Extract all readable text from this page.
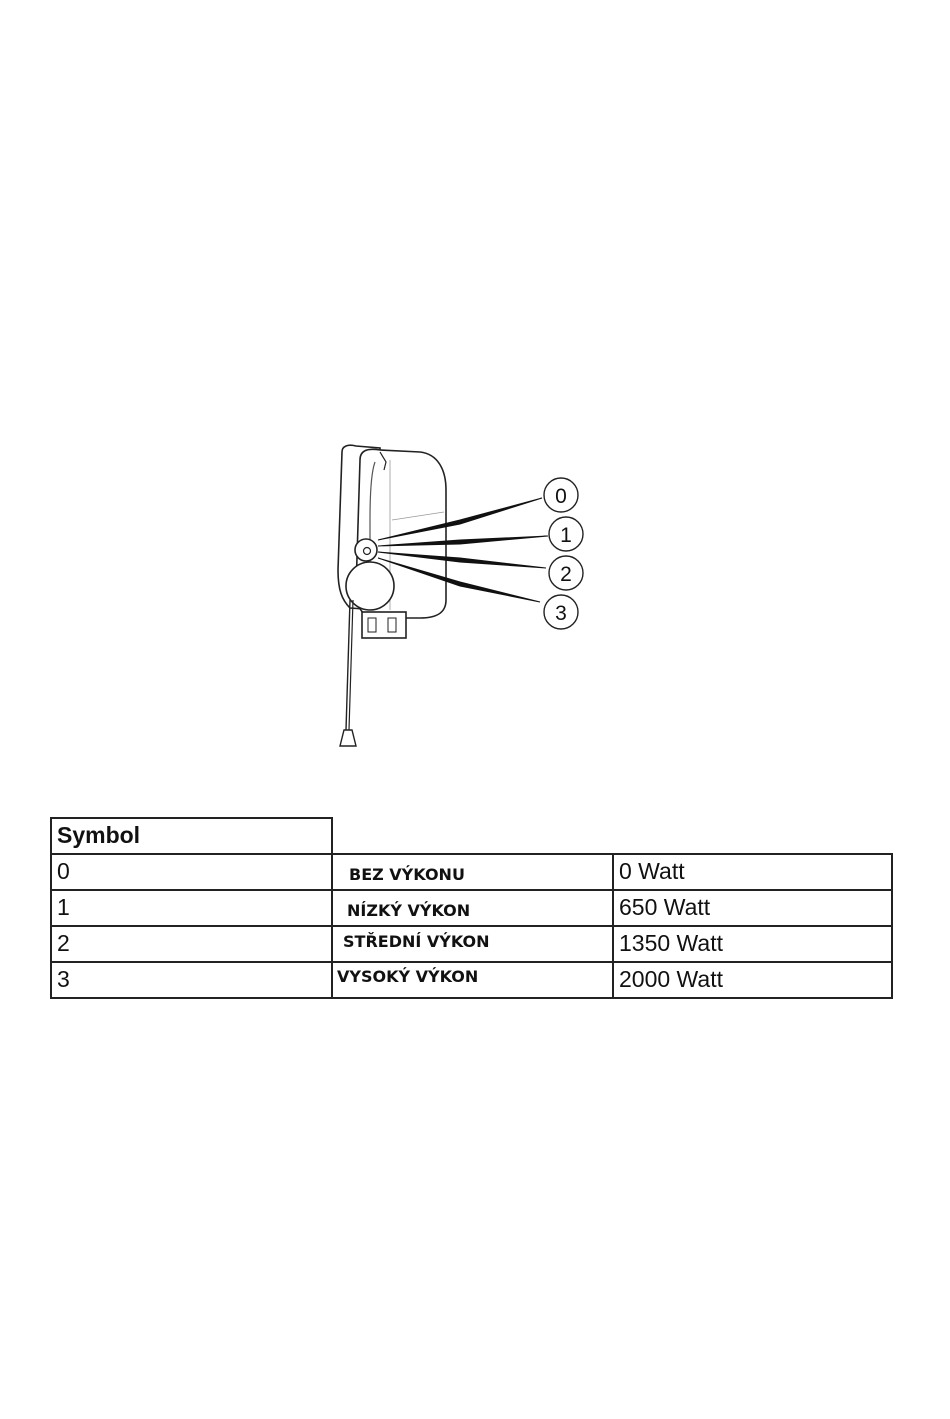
0
1
2
3
Symbol
0	BEZ VÝKONU	0 Watt
1	NÍZKÝ VÝKON	650 Watt
2	STŘEDNÍ VÝKON	1350 Watt
3	VYSOKÝ VÝKON	2000 Watt
